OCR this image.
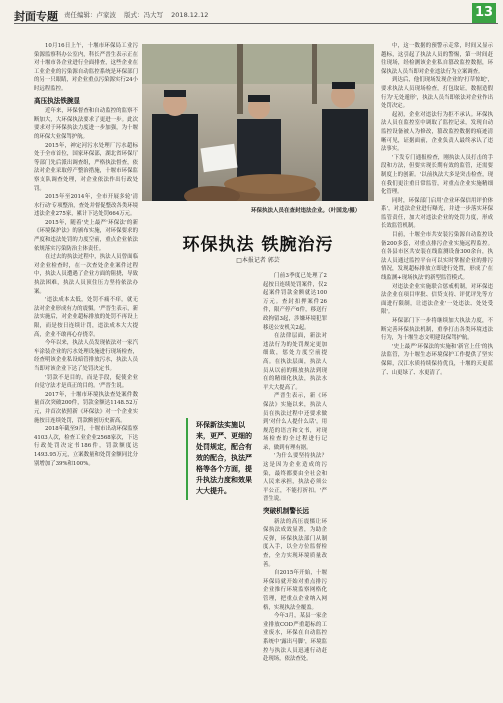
封面专题 责任编辑：卢家波 版式：冯大写 2018.12.12	13

10月16日上午，十堰市环保局工业污染源监察科办公室内，科长严晋生表示正在对十堰市各企业进行全面排查，这些企业在工业企业的污染源自动监控系统是环保部门的另一只眼睛，对企业重点污染源实行24小时远程监控。

高压执法铁腕显

近年来，环保督查和自动监控的监察不断加大，大环保执法要求了更进一步。此次要求对于环保执法力度进一步加强，为十堰的环保大业保驾护航。

2015年，神定河污水处理厂污水超标处于全市首位，国家环保部，湖北省环保厅等部门先后派出调查组，严格执法督查，依法对企业采取停产整治措施，十堰市环保监察支队调查处理，对企业依法作出行政处罚。

2015年至2014年，全市开展多轮'清水行动'专项整治，查处并督促整改各类环境违法企业275家，累计下达处罚664万元。

2015年，随着'史上最严'环保法'的新《环境保护法》的颁布实施，对环保要求的严度和违法处罚的力度空前，重点企业依法依规落实污染防治主体责任。

在过去的执法过程中，执法人员曾面临对企业检查时，在一次查处企业案件过程中，执法人员遭遇了企业方面的阻挠，导致执法困难，执法人员顶住压力坚持依法办案。

'违法成本太低，处罚不痛不痒，就无法对企业形成有力的震慑。'严晋生表示，新法实施后，对企业超标排放的处罚不再设上限，而是按日连续计罚，违法成本大大提高，企业不敢再心存侥幸。

今年以来，执法人员发现依法对一家汽车涂装企业的污水处理设施进行现场检查，经查明该企业私设暗管排放污水，执法人员当即对该企业下达了处罚决定书。

'罚款不是目的，而是手段，促使企业自觉守法才是真正的目的。'严晋生说。

2017年，十堰市环境执法查处案件数量首次突破200件，罚款金额达1148.52万元，并首次依照新《环保法》对一个企业实施按日连续处罚，罚款额创历史新高。

2018年截至9月，十堰市出动环保监察4103人次，检查工业企业2568家次，下达行政处罚决定书186件，罚款额度达1493.95万元，立案数量和处罚金额同比分别增加了39%和100%。

环保执法人员在查封违法企业。（叶国龙/摄）
环保执法 铁腕治污
□本报记者 郭芸
环保新法实施以来，更严、更细的处罚规定，配合有效的配合，执法严格等各个方面，提升执法力度和效果大大提升。

门前3季度已处理了2起按日连续处罚案件，仅2起案件罚款金额就达100万元。查封扣押案件26件，限产停产6件，移送行政拘留3起，涉嫌环境犯罪移送公安机关2起。

在法律层面，新法对违法行为的处罚规定更加细致，惩处力度空前提高。在执法层面，执法人员从以前的粗放执法到现在的精细化执法，执法水平大大提高了。

严晋生表示，新《环保法》实施以来，执法人员在执法过程中还要求做到'对什么人提什么话'，用规范的语言和文书，对现场检查的全过程进行记录，做到有理有据。

'为什么要坚持执法？这是因为企业造成的污染，最终都要由全社会和人民来承担，执法必须公平公正，不能打折扣。'严晋生说。

突破机制警长远

新法的高压震慑让环保执法成效显著，为助企反弹，环保执法部门从制度入手，以全方位监督检查，全力实现环境质量改善。

自2015年开始，十堰环保局就开始对重点排污企业推行环境监察网格化管理，把重点企业纳入网格，实现执法全覆盖。

今年3月，某县一家企业排放COD严重超标的工业废水，环保在自动监控系统中'露出马脚'，环境监控与执法人员迅速行动赶赴现场，依法查处。

中，这一数据的预警示走常，时间又显示越标，这引起了执法人员的警惕，第一时间赶往现场，经检测该企业私自篡改监控数据，环保执法人员当即对企业违法行为立案调查。

到达后，他们现场发现企业的'打草惊蛇'，要求执法人员现场检查，打包取证，数据造假行为'无处遁形'，执法人员当即依法对企业作出处罚决定。

起初，企业对违法行为拒不承认。环保执法人员在监控室中调取了监控记录，发现自动监控设备被人为修改，篡改监控数据的痕迹清晰可见，证据面前，企业负责人最终承认了违法事实。

'下发专门通报检查，刚执法人员打击的手段和方法，但要实现长期有效的监管，还需要制度上的创新。'以前执法大多是突击检查，现在我们更注重日常监管，对重点企业实施精细化管理。

同时，环保部门启用'企业环保信用评价体系'，对违法企业进行曝光，并进一步落实环保监管责任，加大对违法企业的处罚力度，形成长效监管机制。

目前，十堰全市共安装污染源自动监控设备200多套，对重点排污企业实施远程监控。在各县市区共安装在线监测设备300余台，执法人员通过监控平台可以实时掌握企业的排污情况，发现超标排放立即进行处置，形成了'在线监测+现场执法'的新型监管模式。

对违法企业实施联合惩戒机制，对环保违法企业在项目审批、信贷支持、评优评先等方面进行限制，让违法企业'一处违法、处处受限'。

环保部门下一步将继续加大执法力度，不断完善环保执法机制，重拳打击各类环境违法行为，为十堰生态文明建设保驾护航。

'史上最严'环保法的实施和'新官上任'的执法监管，为十堰生态环境保护工作提供了坚实保障，汉江水质持续保持优良，十堰的天更蓝了、山更绿了、水更清了。
